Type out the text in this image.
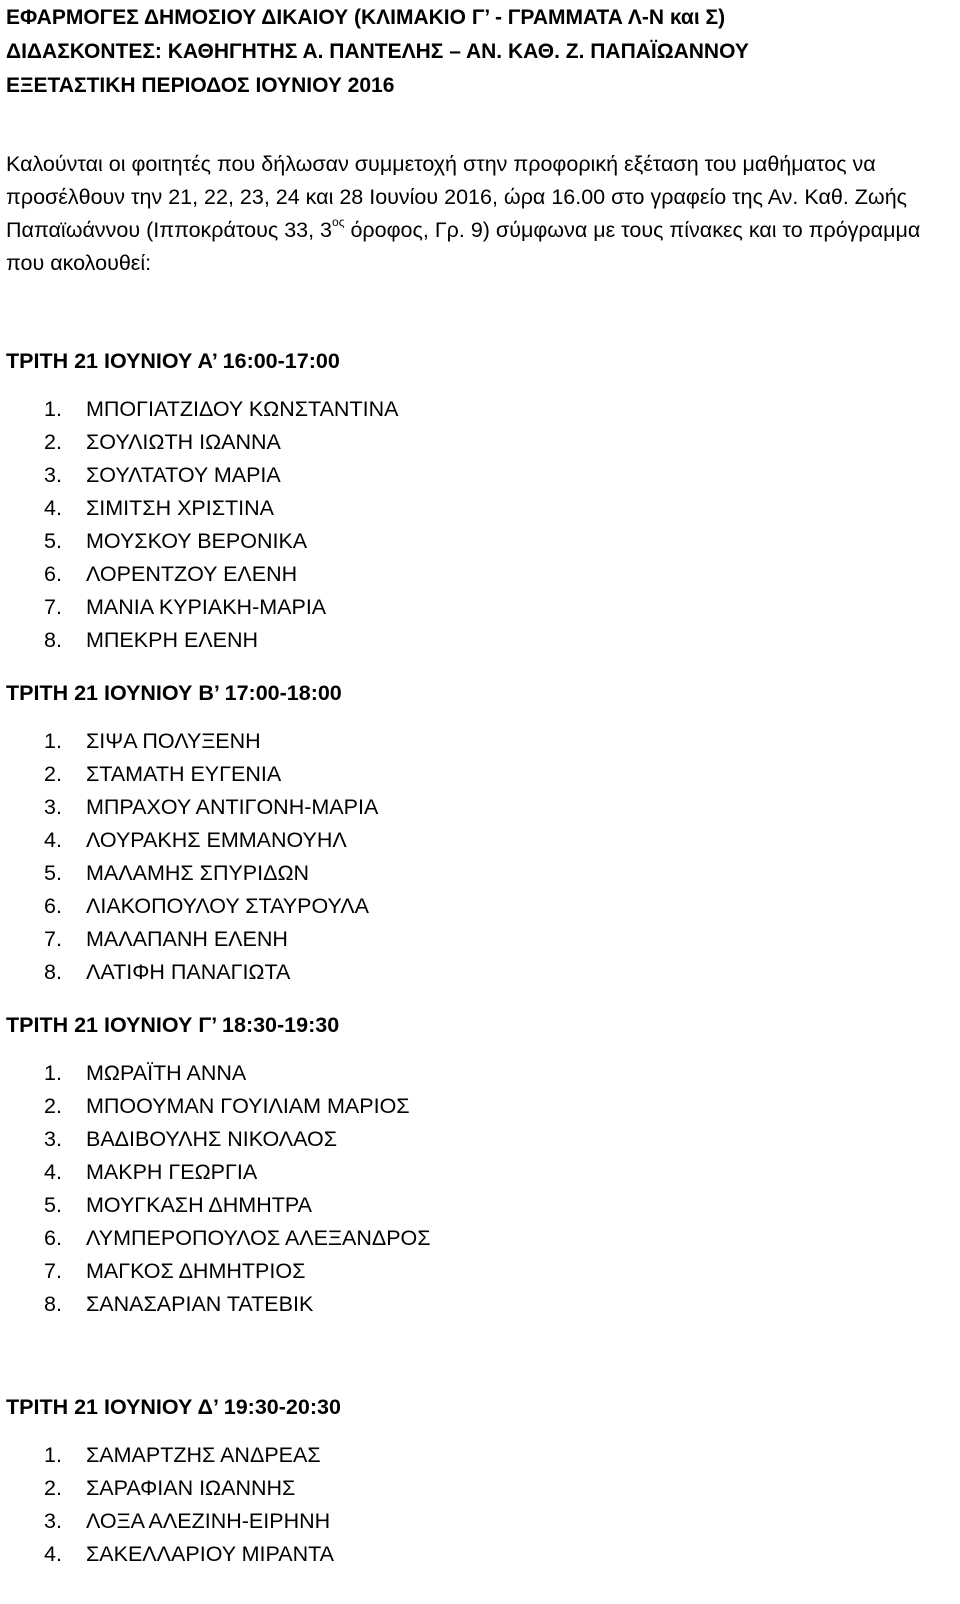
ΕΦΑΡΜΟΓΕΣ ΔΗΜΟΣΙΟΥ ΔΙΚΑΙΟΥ (ΚΛΙΜΑΚΙΟ Γ’ - ΓΡΑΜΜΑΤΑ Λ-Ν και Σ)
ΔΙΔΑΣΚΟΝΤΕΣ: ΚΑΘΗΓΗΤΗΣ Α. ΠΑΝΤΕΛΗΣ – ΑΝ. ΚΑΘ. Ζ. ΠΑΠΑΪΩΑΝΝΟΥ
ΕΞΕΤΑΣΤΙΚΗ ΠΕΡΙΟΔΟΣ ΙΟΥΝΙΟΥ 2016
Καλούνται οι φοιτητές που δήλωσαν συμμετοχή στην προφορική εξέταση του μαθήματος να προσέλθουν την 21, 22, 23, 24 και 28 Ιουνίου 2016, ώρα 16.00 στο γραφείο της Αν. Καθ. Ζωής Παπαϊωάννου (Ιπποκράτους 33, $3^{o\varsigma}$ όροφος, Γρ. 9) σύμφωνα με τους πίνακες και το πρόγραμμα που ακολουθεί:
ΤΡΙΤΗ 21 ΙΟΥΝΙΟΥ Α’ 16:00-17:00
1.	ΜΠΟΓΙΑΤΖΙΔΟΥ ΚΩΝΣΤΑΝΤΙΝΑ
2.	ΣΟΥΛΙΩΤΗ ΙΩΑΝΝΑ
3.	ΣΟΥΛΤΑΤΟΥ ΜΑΡΙΑ
4.	ΣΙΜΙΤΣΗ ΧΡΙΣΤΙΝΑ
5.	ΜΟΥΣΚΟΥ ΒΕΡΟΝΙΚΑ
6.	ΛΟΡΕΝΤΖΟΥ ΕΛΕΝΗ
7.	ΜΑΝΙΑ ΚΥΡΙΑΚΗ-ΜΑΡΙΑ
8.	ΜΠΕΚΡΗ ΕΛΕΝΗ
ΤΡΙΤΗ 21 ΙΟΥΝΙΟΥ Β’ 17:00-18:00
1.	ΣΙΨΑ ΠΟΛΥΞΕΝΗ
2.	ΣΤΑΜΑΤΗ ΕΥΓΕΝΙΑ
3.	ΜΠΡΑΧΟΥ ΑΝΤΙΓΟΝΗ-ΜΑΡΙΑ
4.	ΛΟΥΡΑΚΗΣ ΕΜΜΑΝΟΥΗΛ
5.	ΜΑΛΑΜΗΣ ΣΠΥΡΙΔΩΝ
6.	ΛΙΑΚΟΠΟΥΛΟΥ ΣΤΑΥΡΟΥΛΑ
7.	ΜΑΛΑΠΑΝΗ ΕΛΕΝΗ
8.	ΛΑΤΙΦΗ ΠΑΝΑΓΙΩΤΑ
ΤΡΙΤΗ 21 ΙΟΥΝΙΟΥ Γ’ 18:30-19:30
1.	ΜΩΡΑΪΤΗ ΑΝΝΑ
2.	ΜΠΟΟΥΜΑΝ ΓΟΥΙΛΙΑΜ ΜΑΡΙΟΣ
3.	ΒΑΔΙΒΟΥΛΗΣ ΝΙΚΟΛΑΟΣ
4.	ΜΑΚΡΗ ΓΕΩΡΓΙΑ
5.	ΜΟΥΓΚΑΣΗ ΔΗΜΗΤΡΑ
6.	ΛΥΜΠΕΡΟΠΟΥΛΟΣ ΑΛΕΞΑΝΔΡΟΣ
7.	ΜΑΓΚΟΣ ΔΗΜΗΤΡΙΟΣ
8.	ΣΑΝΑΣΑΡΙΑΝ ΤΑΤΕΒΙΚ
ΤΡΙΤΗ 21 ΙΟΥΝΙΟΥ Δ’ 19:30-20:30
1.	ΣΑΜΑΡΤΖΗΣ ΑΝΔΡΕΑΣ
2.	ΣΑΡΑΦΙΑΝ ΙΩΑΝΝΗΣ
3.	ΛΟΞΑ ΑΛΕΖΙΝΗ-ΕΙΡΗΝΗ
4.	ΣΑΚΕΛΛΑΡΙΟΥ ΜΙΡΑΝΤΑ
